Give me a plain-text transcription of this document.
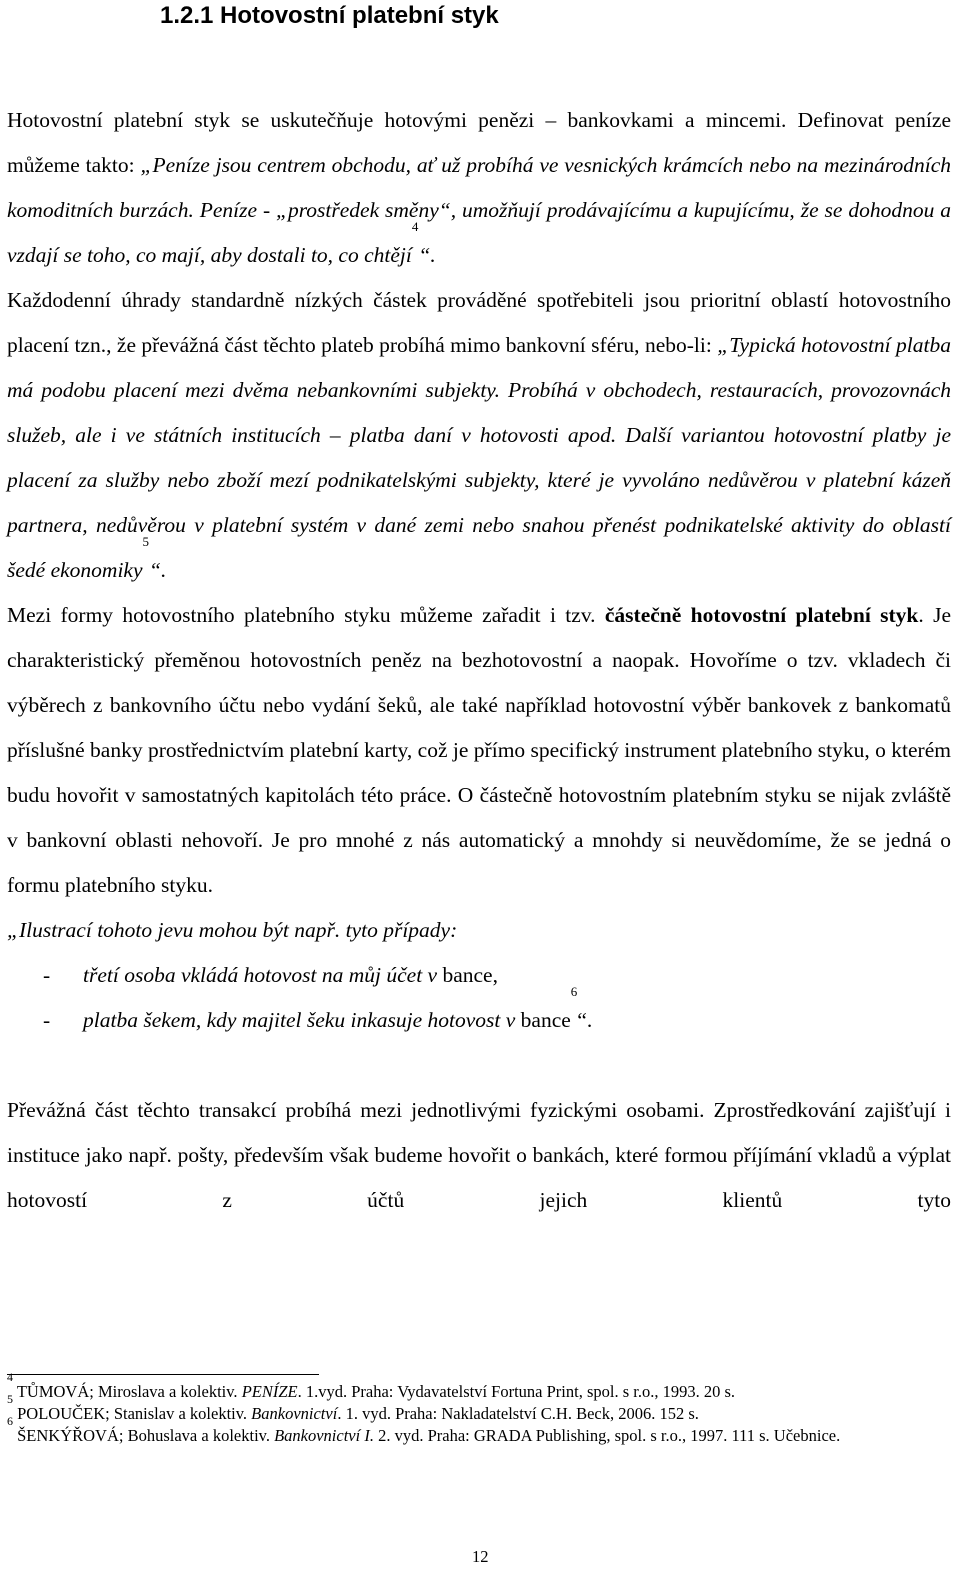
1.2.1 Hotovostní platební styk

Hotovostní platební styk se uskutečňuje hotovými penězi – bankovkami a mincemi. Definovat peníze můžeme takto: „Peníze jsou centrem obchodu, ať už probíhá ve vesnických krámcích nebo na mezinárodních komoditních burzách. Peníze - „prostředek směny“, umožňují prodávajícímu a kupujícímu, že se dohodnou a vzdají se toho, co mají, aby dostali to, co chtějí$^4$“.

Každodenní úhrady standardně nízkých částek prováděné spotřebiteli jsou prioritní oblastí hotovostního placení tzn., že převážná část těchto plateb probíhá mimo bankovní sféru, nebo-li: „Typická hotovostní platba má podobu placení mezi dvěma nebankovními subjekty. Probíhá v obchodech, restauracích, provozovnách služeb, ale i ve státních institucích – platba daní v hotovosti apod. Další variantou hotovostní platby je placení za služby nebo zboží mezí podnikatelskými subjekty, které je vyvoláno nedůvěrou v platební kázeň partnera, nedůvěrou v platební systém v dané zemi nebo snahou přenést podnikatelské aktivity do oblastí šedé ekonomiky$^5$“.

Mezi formy hotovostního platebního styku můžeme zařadit i tzv. částečně hotovostní platební styk. Je charakteristický přeměnou hotovostních peněz na bezhotovostní a naopak. Hovoříme o tzv. vkladech či výběrech z bankovního účtu nebo vydání šeků, ale také například hotovostní výběr bankovek z bankomatů příslušné banky prostřednictvím platební karty, což je přímo specifický instrument platebního styku, o kterém budu hovořit v samostatných kapitolách této práce. O částečně hotovostním platebním styku se nijak zvláště v bankovní oblasti nehovoří. Je pro mnohé z nás automatický a mnohdy si neuvědomíme, že se jedná o formu platebního styku.

„Ilustrací tohoto jevu mohou být např. tyto případy:

- třetí osoba vkládá hotovost na můj účet v bance,
- platba šekem, kdy majitel šeku inkasuje hotovost v bance$^6$“.

Převážná část těchto transakcí probíhá mezi jednotlivými fyzickými osobami. Zprostředkování zajišťují i instituce jako např. pošty, především však budeme hovořit o bankách, které formou příjímání vkladů a výplat hotovostí z účtů jejich klientů tyto

$^4$ TŮMOVÁ; Miroslava a kolektiv. PENÍZE. 1.vyd. Praha: Vydavatelství Fortuna Print, spol. s r.o., 1993. 20 s.

$^5$ POLOUČEK; Stanislav a kolektiv. Bankovnictví. 1. vyd. Praha: Nakladatelství C.H. Beck, 2006. 152 s.

$^6$ ŠENKÝŘOVÁ; Bohuslava a kolektiv. Bankovnictví I. 2. vyd. Praha: GRADA Publishing, spol. s r.o., 1997. 111 s. Učebnice.

12
